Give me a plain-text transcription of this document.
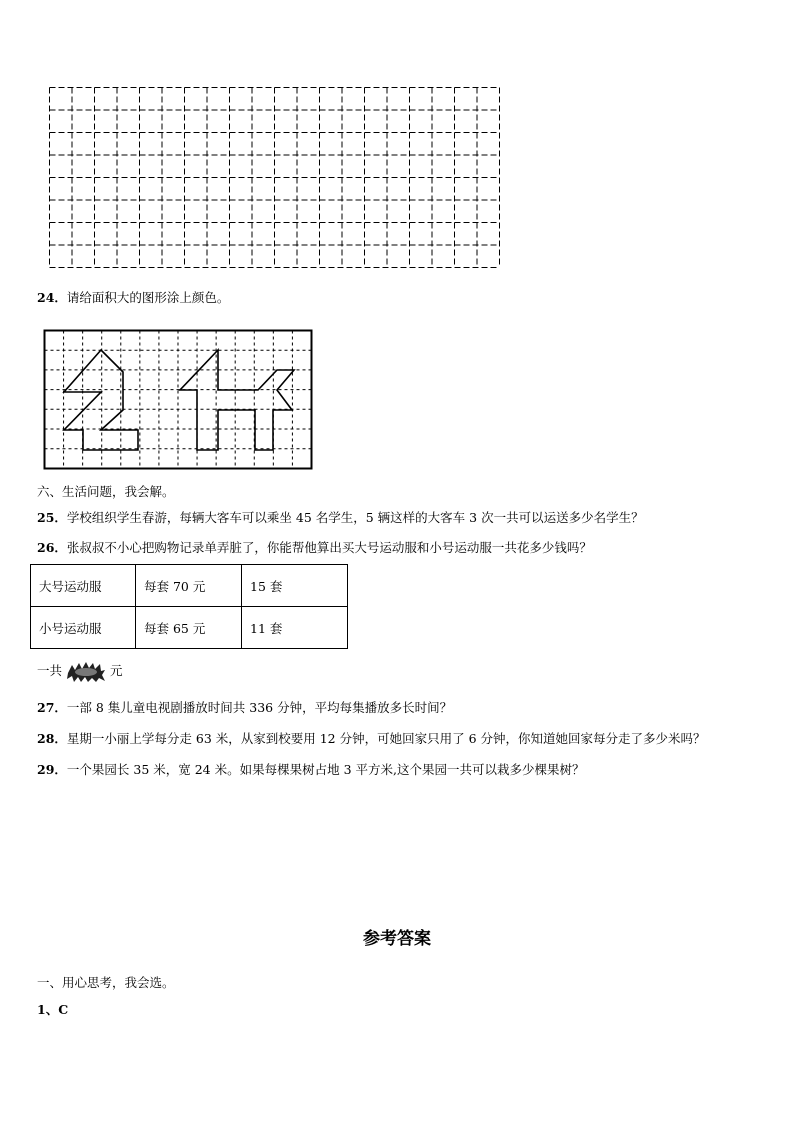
24．请给面积大的图形涂上颜色。
六、生活问题，我会解。
25．学校组织学生春游，每辆大客车可以乘坐 45 名学生，5 辆这样的大客车 3 次一共可以运送多少名学生？
26．张叔叔不小心把购物记录单弄脏了，你能帮他算出买大号运动服和小号运动服一共花多少钱吗？
大号运动服	每套 70 元	15 套
小号运动服	每套 65 元	11 套
一共	元
27．一部 8 集儿童电视剧播放时间共 336 分钟，平均每集播放多长时间？
28．星期一小丽上学每分走 63 米，从家到校要用 12 分钟，可她回家只用了 6 分钟，你知道她回家每分走了多少米吗？
29．一个果园长 35 米，宽 24 米。如果每棵果树占地 3 平方米,这个果园一共可以栽多少棵果树？
参考答案
一、用心思考，我会选。
1、C
